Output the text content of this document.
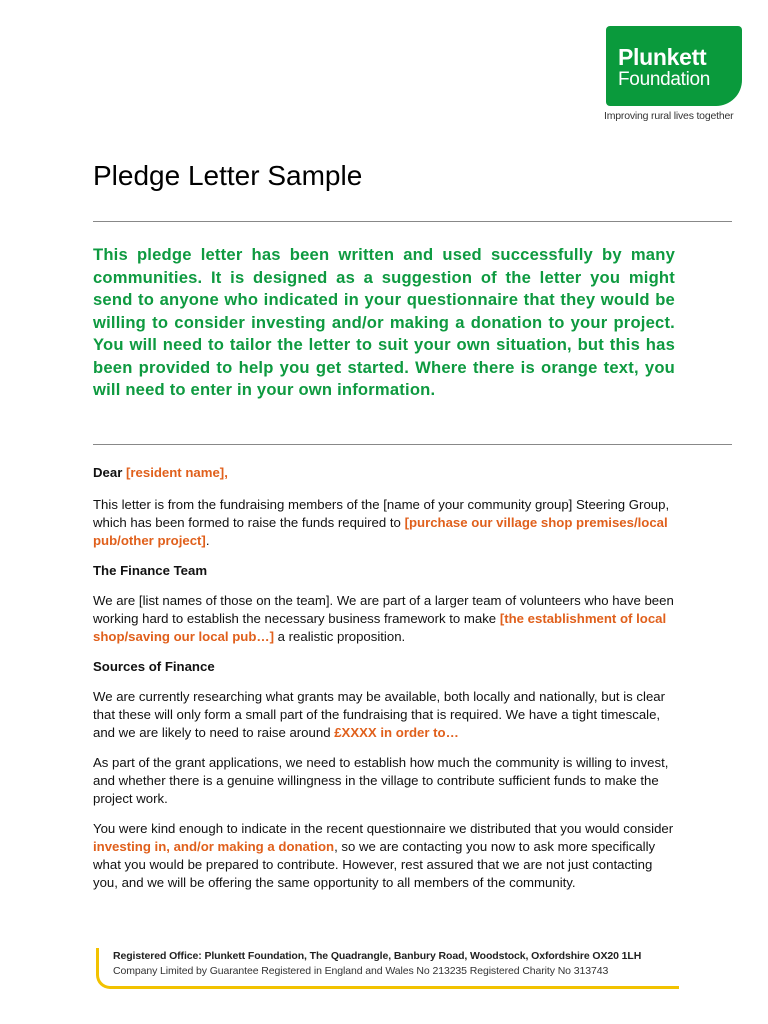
Plunkett
Foundation
Improving rural lives together
Pledge Letter Sample

This pledge letter has been written and used successfully by many communities. It is designed as a suggestion of the letter you might send to anyone who indicated in your questionnaire that they would be willing to consider investing and/or making a donation to your project. You will need to tailor the letter to suit your own situation, but this has been provided to help you get started. Where there is orange text, you will need to enter in your own information.

Dear [resident name],

This letter is from the fundraising members of the [name of your community group] Steering Group, which has been formed to raise the funds required to [purchase our village shop premises/local pub/other project].

The Finance Team

We are [list names of those on the team]. We are part of a larger team of volunteers who have been working hard to establish the necessary business framework to make [the establishment of local shop/saving our local pub…] a realistic proposition.

Sources of Finance

We are currently researching what grants may be available, both locally and nationally, but is clear that these will only form a small part of the fundraising that is required. We have a tight timescale, and we are likely to need to raise around £XXXX in order to…

As part of the grant applications, we need to establish how much the community is willing to invest, and whether there is a genuine willingness in the village to contribute sufficient funds to make the project work.

You were kind enough to indicate in the recent questionnaire we distributed that you would consider investing in, and/or making a donation, so we are contacting you now to ask more specifically what you would be prepared to contribute. However, rest assured that we are not just contacting you, and we will be offering the same opportunity to all members of the community.

Registered Office: Plunkett Foundation, The Quadrangle, Banbury Road, Woodstock, Oxfordshire OX20 1LH
Company Limited by Guarantee Registered in England and Wales No 213235 Registered Charity No 313743
